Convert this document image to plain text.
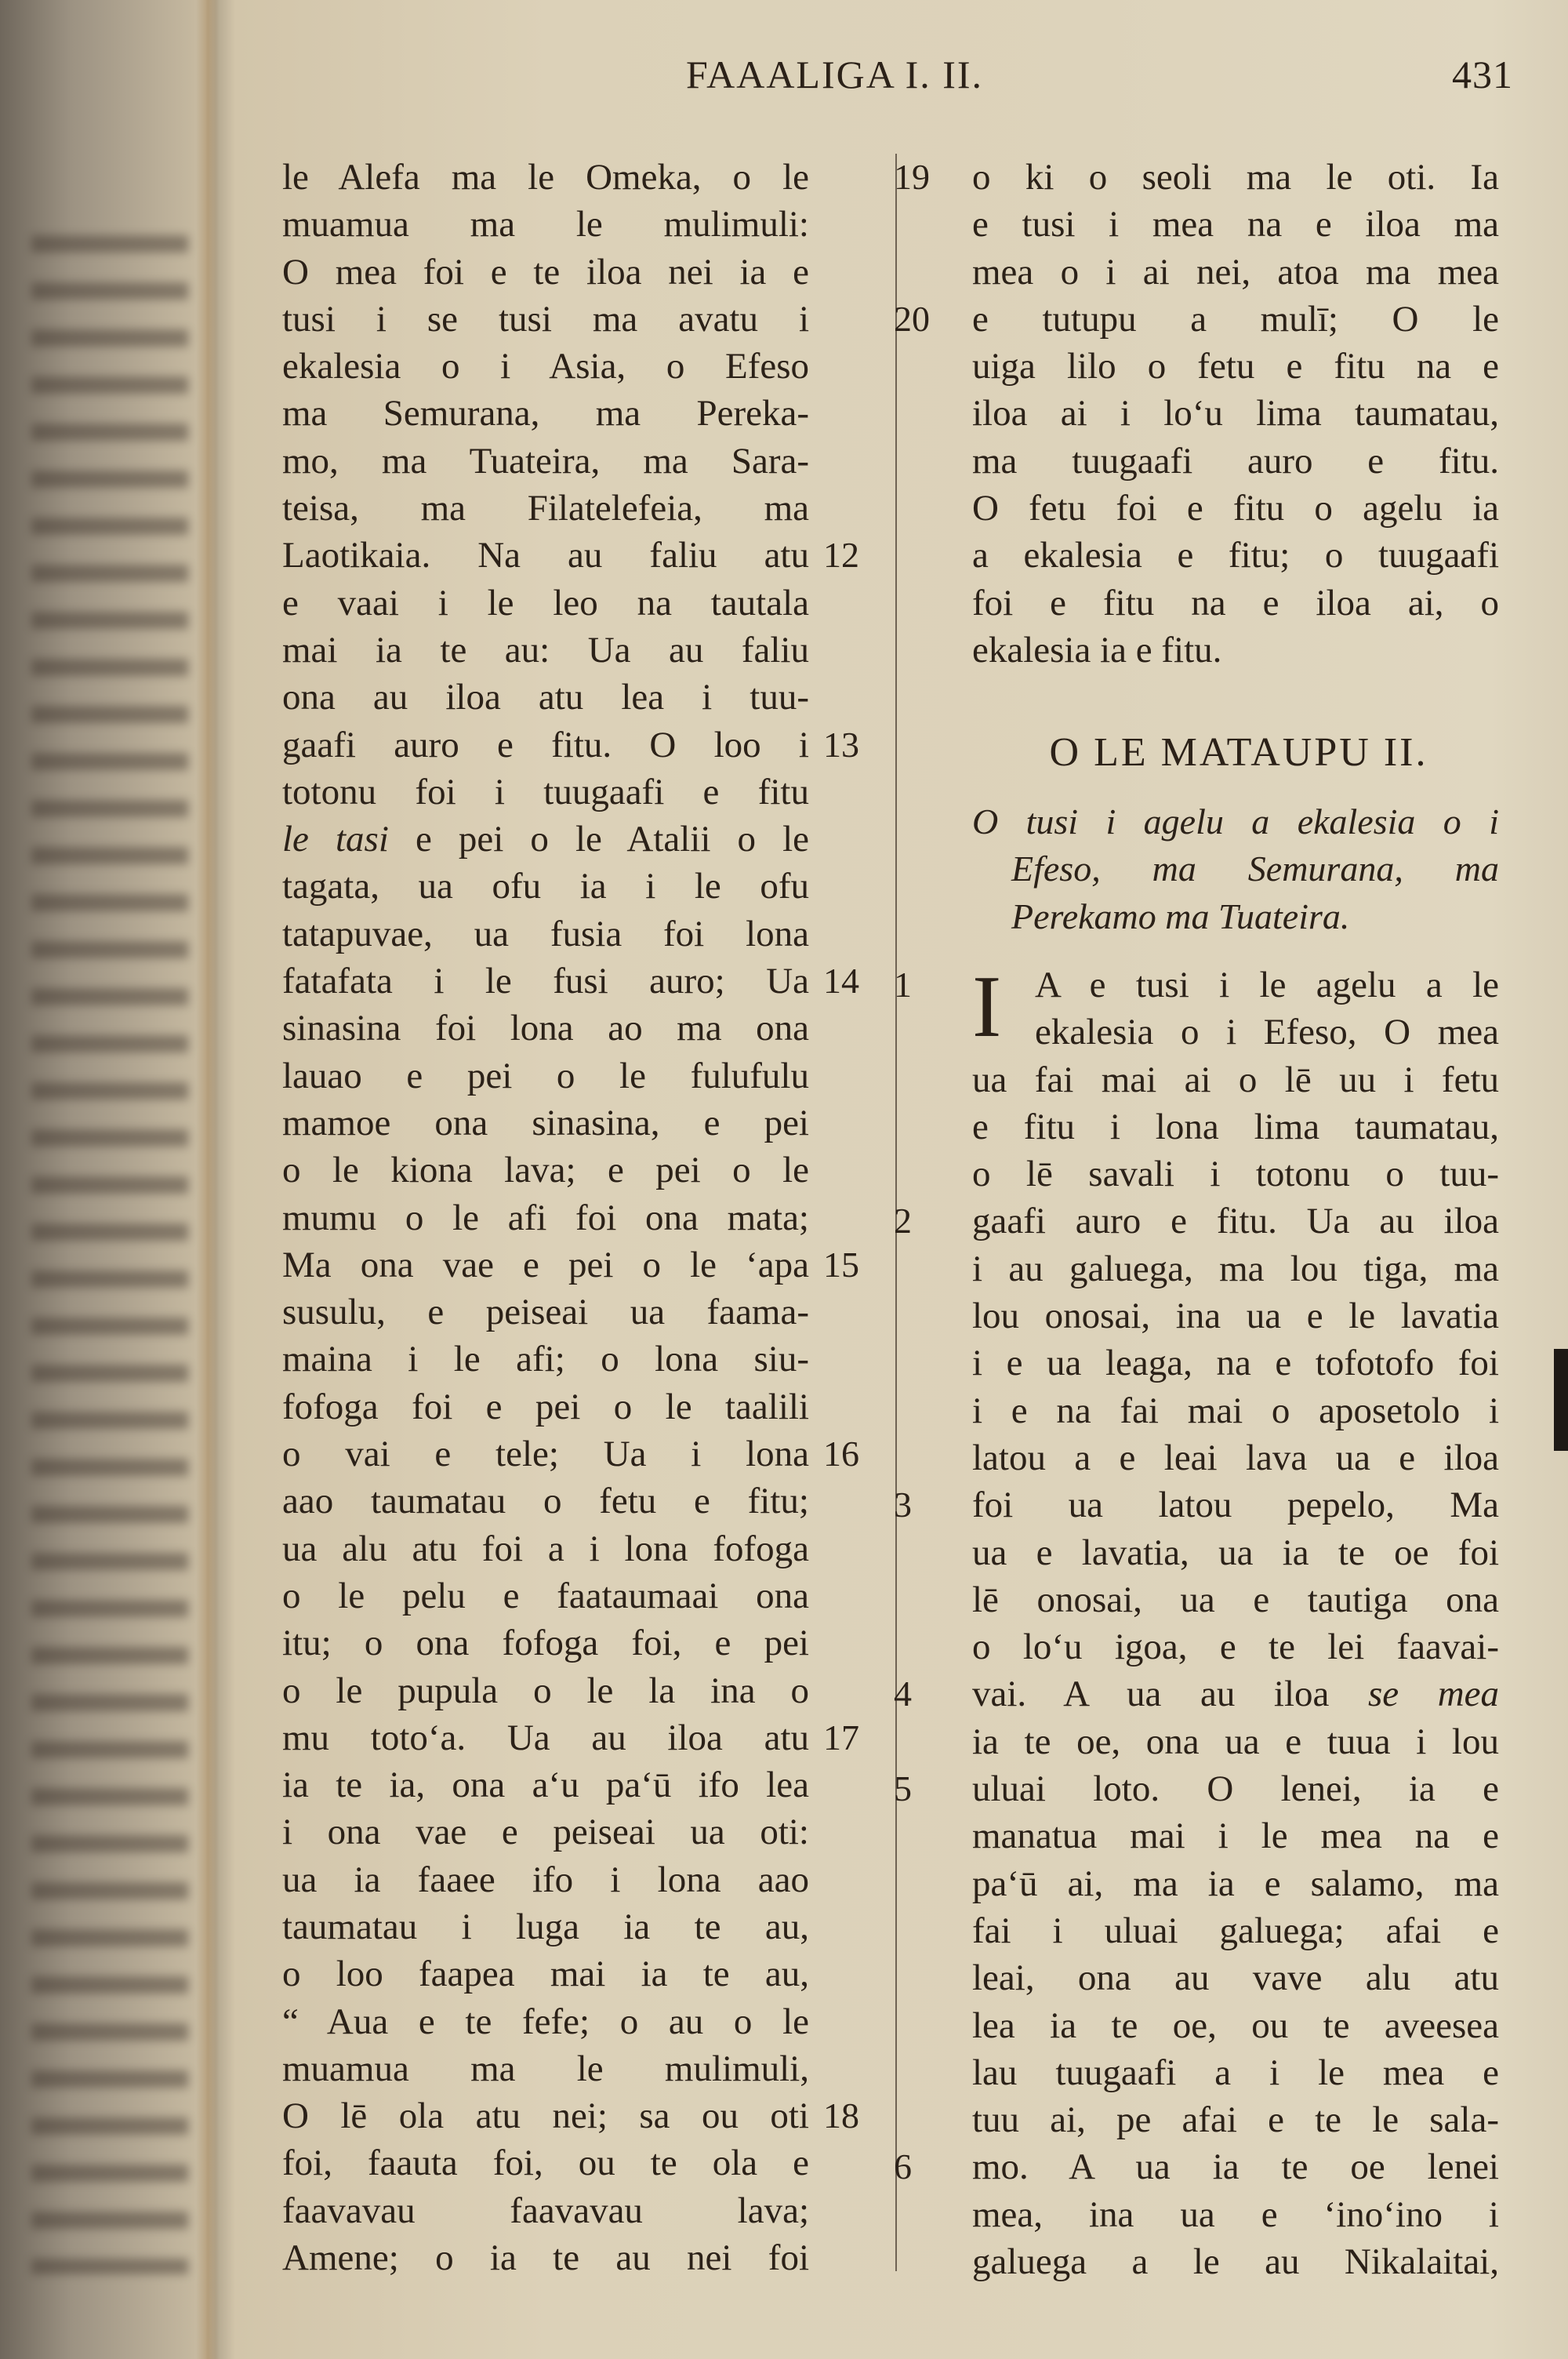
FAAALIGA I. II.	431
le Alefa ma le Omeka, o le
muamua ma le mulimuli:
O mea foi e te iloa nei ia e
tusi i se tusi ma avatu i
ekalesia o i Asia, o Efeso
ma Semurana, ma Pereka-
mo, ma Tuateira, ma Sara-
teisa, ma Filatelefeia, ma
Laotikaia. Na au faliu atu 12
e vaai i le leo na tautala
mai ia te au: Ua au faliu
ona au iloa atu lea i tuu-
gaafi auro e fitu. O loo i 13
totonu foi i tuugaafi e fitu
le tasi e pei o le Atalii o le
tagata, ua ofu ia i le ofu
tatapuvae, ua fusia foi lona
fatafata i le fusi auro; Ua 14
sinasina foi lona ao ma ona
lauao e pei o le fulufulu
mamoe ona sinasina, e pei
o le kiona lava; e pei o le
mumu o le afi foi ona mata;
Ma ona vae e pei o le ‘apa 15
susulu, e peiseai ua faama-
maina i le afi; o lona siu-
fofoga foi e pei o le taalili
o vai e tele; Ua i lona 16
aao taumatau o fetu e fitu;
ua alu atu foi a i lona fofoga
o le pelu e faataumaai ona
itu; o ona fofoga foi, e pei
o le pupula o le la ina o
mu toto‘a. Ua au iloa atu 17
ia te ia, ona a‘u pa‘ū ifo lea
i ona vae e peiseai ua oti:
ua ia faaee ifo i lona aao
taumatau i luga ia te au,
o loo faapea mai ia te au,
“ Aua e te fefe; o au o le
muamua ma le mulimuli,
O lē ola atu nei; sa ou oti 18
foi, faauta foi, ou te ola e
faavavau faavavau lava;
Amene; o ia te au nei foi
o ki o seoli ma le oti. Ia
19
e tusi i mea na e iloa ma
mea o i ai nei, atoa ma mea
e tutupu a mulī; O le
20
uiga lilo o fetu e fitu na e
iloa ai i lo‘u lima taumatau,
ma tuugaafi auro e fitu.
O fetu foi e fitu o agelu ia
a ekalesia e fitu; o tuugaafi
foi e fitu na e iloa ai, o
ekalesia ia e fitu.
O LE MATAUPU II.
O tusi i agelu a ekalesia o i
Efeso, ma Semurana, ma
Perekamo ma Tuateira.
I A e tusi i le agelu a le
1
ekalesia o i Efeso, O mea
ua fai mai ai o lē uu i fetu
e fitu i lona lima taumatau,
o lē savali i totonu o tuu-
gaafi auro e fitu. Ua au iloa
2
i au galuega, ma lou tiga, ma
lou onosai, ina ua e le lavatia
i e ua leaga, na e tofotofo foi
i e na fai mai o aposetolo i
latou a e leai lava ua e iloa
foi ua latou pepelo, Ma
3
ua e lavatia, ua ia te oe foi
lē onosai, ua e tautiga ona
o lo‘u igoa, e te lei faavai-
vai. A ua au iloa se mea
4
ia te oe, ona ua e tuua i lou
uluai loto. O lenei, ia e
5
manatua mai i le mea na e
pa‘ū ai, ma ia e salamo, ma
fai i uluai galuega; afai e
leai, ona au vave alu atu
lea ia te oe, ou te aveesea
lau tuugaafi a i le mea e
tuu ai, pe afai e te le sala-
mo. A ua ia te oe lenei
6
mea, ina ua e ‘ino‘ino i
galuega a le au Nikalaitai,
